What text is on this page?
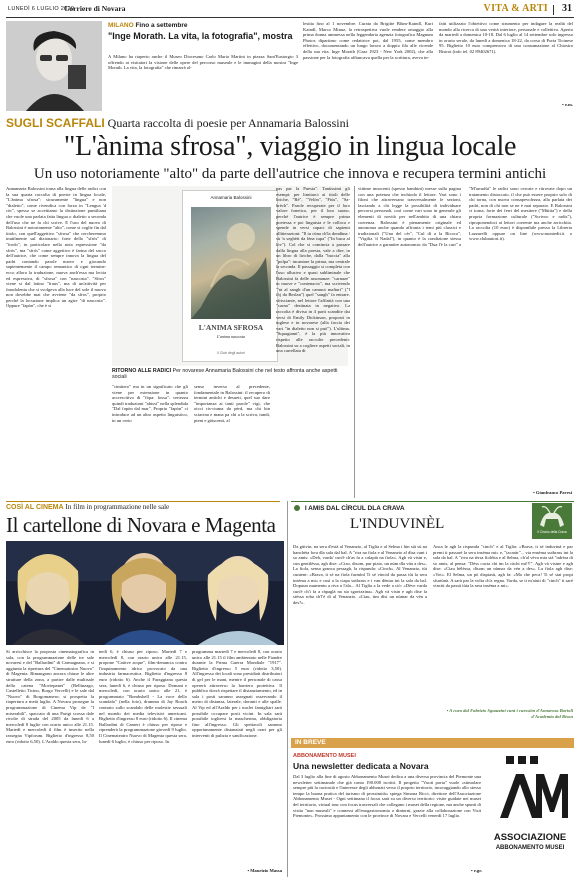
LUNEDÌ 6 LUGLIO 2020
Corriere di Novara	VITA & ARTI 31
MILANO Fino a settembre
"Inge Morath. La vita, la fotografia", mostra
A Milano ha riaperto anche il Museo Diocesano Carlo Maria Martini in piazza Sant'Eustorgio 3 offrendo ai visitatori la visione delle opere del percorso museale e le immagini della mostra "Inge Morath. La vita, la fotografia" che rimarrà al-
lestita fino al 1 novembre. Curata da Brigitte Blüm-Kaindl, Kurt Kaindl, Marco Minuz, la retrospettiva vuole rendere omaggio alla prima donna ammessa nella leggendaria agenzia fotografica Magnum Photos dipartimo come redattrice poi, dal 1955, come membro effettivo, documentando un lungo lavoro a doppio filo alle vicende della sua vita. Inge Morath (Graz 1923 - New York 2002), che alla passione per la fotografia affiancava quella per la scrittura, aveva in-
fatti utilizzato l'obiettivo come strumento per indagare la realtà del mondo alla ricerca di una verità interiore, personale e collettiva. Aperto da martedì a domenica 10-18. Dal 6 luglio al 14 settembre solo ingresso in orario serale, da lunedì a domenica 18-22, da corso di Porta Ticinese 95. Biglietto 10 euro comprensivo di una consumazione al Chiostro Bistrot (info tel. 02 89402671).
• e.m.
SUGLI SCAFFALI Quarta raccolta di poesie per Annamaria Balossini
"L'ànima sfrosa", viaggio in lingua locale
Un uso notoriamente "alto" da parte dell'autrice che innova e recupera termini antichi
Annamaria Balossini torna alla lingua delle radici con la sua quarta raccolta di poesie in lingua locale, "L'ànima sfrosa": sicuramente "lingua" e non "dialetto", come rivendica con forza in "Lengua 'd còr", spesso se accettiamo la distinzione puntiliana che vuole una parlata fatta lingua o dialetto a seconda dell'uso che ne fa chi scrive. E l'uso del nuovo di Balossini è notoriamente "alto", come si coglie fin dal titolo, con quell'aggettivo "sfrosa" che cercheremmo inutilmente sul dizionario: forte dello "sfrós" di "frodo", in particolare nella nota espressione "da sfrós", ma "sfrós" come aggettivo è farina del sacco dell'autrice, che come sempre innova la lingua del padri coniando parole nuove e giocando sapientemente il campo semantico di ogni termine: ecco allora la traduzione, nuova anch'essa ma lecita ed espressiva, di "sfrosa" con "nascosta". "Sfros" viene si dal latino "fraus", ma di un'attività per fraudolenta che si svolgeva alla luce del sole il nuovo non dovebbe mai che avviene "da sfros", proprio perché la locuzione implica un agire "di nascosto". Oppure "fapòn", che è si
Annamaria Balossini
L'ANIMA SFROSA
L'anima nascosta
Il Club degli autori
RITORNO ALLE RADICI Per novarese Annamaria Balossini che nel testo affronta anche aspetti sociali
"cimitero" ma in un significato che gli viene per estensione in quanto accrescitivo di "fòpa: fossa": certezza quindi traduzioni "abissi" nella splendida "Dal fapòn dal mar". Proprio "fapòn" ci introduce ad un altro aspetto linguistico, in un certo
senso inverso al precedente, fondamentale in Balossini: il recupero di termini antichi e desueti, quel suo dare "importanza ai tanti parole" vigi, che oicci ris-ciuma da pèrd, ma chi hin sciacina e mana pa chi a la scriva, tundi, pieni e giùscenti, al
pas par la Puesia". Tantissimi gli esempi: per limitarci ai titoli delle liriche, "Rè", "Velòn", "Fiùs", "Sa-brèch". Parole recuperate per il loro valore fonetico, per il loro suono, perché l'autrice è sempre prima poetessa e poi linguista e le colloca e spende in versi capaci di sapienti allitterazioni: "Il tu cùna ch'la dondùna / sù 'n seghètt da lèna tupa" ("In buca al lòv"). Col che si comincia a passare dalla lingua alla poesia, vale a dire, in un libro di liriche, dalla "buccia" alla "polpa": incantare la prima, ma centrale la seconda. Il passaggio si completa con l'uso allusivo e quasi subliminale che Balossini fa delle assonanze: "carnaze" in nuove e "contenacio", ma scrivendo "'nt al sangh d'un camuot malturi" ("I fòj da Beslan") quel "sangh" fa entrare, sfrisciante, nel lettore l'affinità con una "carna" destinata in negativo. La raccolta è divisa in 4 parti scandite dai versi di Emily Dickinson, proposti in inglese e in novarese (alla faccia dei vari "in dialetto non si può"). L'ultima, "Squagiamt", è la più innovativa rispetto alle raccolte precedenti: Balossini su a cogliere aspetti sociali, in una carrellata di
vittime innocenti (spesso bambini) messe sulla pagina con una potenza che inchioda il lettore. Vari sono i filoni che attraversano trasversalmente le sezioni, lasciando a chi legge la possibilità di individuare percorsi personali, così come vari sono in generale gli elementi di novità per nell'ambito di una chiara coerenza. Balossini è pienamente originale ed autonoma anche quando affronta i temi più classici e tradizionali ("Una del cèr", "Cul dì a la Bicoca", "Vigilia 'd Nadal"), in quanto è la condizione stessa dell'autrice a garantire autonomia: da "Dua l'è la curt" a "M'arrudùi" le radici sono cercate e ritrovate dopo un tratamento distaccato, il che può essere proprio solo di chi torna, con nuova consapevolezza, alla parlata dei padri, non di chi non se ne è mai separato. E Balossini ci torna, forte dei ferri del mestiere ("Mùtita") e della propria formazione culturale ("Scrivuc e radis"), riproponendoci ai lettori coerente ma anche arricchita. La raccolta (10 euro) è disponibile presso la Libreria Lazzarelli oppure on line (www.montedit.it o www.clubautori.it).
• Gianfranco Pavesi
COSÌ AL CINEMA In film in programmazione nelle sale
Il cartellone di Novara e Magenta
Si arricchisce la proposta cinematografica in sala, con la programmazione delle tre sale novaresi e del "Ballardini" di Carmagnano, e si aggiunta la ripertura del "Cinematostro Nuovo" di Magenta. Rimangono ancora chiuse le altre strutture della zona, a partire dalle multisale della catena "Moviepanet" (Bellinzago, Castelletto Ticino, Borgo Vercelli) e le sale dal "Nuovo" di Borgomanero; si prospetta la riapertura a metà luglio. A Novara prosegue la programmazione di Cinema Vip de "I miserabili", spaccato di una Parigi scossa dale rivolte di strada del 2005 da lunedì 6 a mercoledì 8 luglio con orario unico alle 21.15. Martedì e mercoledì il film è inserito nella rassegna Vipforum. Biglietto d'ingresso 8,50 euro (ridotto 6,50). L'Araldo questa sera, lu-
nedì 6, è chiuso per riposo. Martedì 7 e mercoledì 8, con orario unico alle 21.15, propone "Cattive acque", film-denuncia contro l'inquinamento idrico provocato da una industria farmaceutica. Biglietto d'ingresso 8 euro (ridotto 6). Anche il Faraggiana questa sera, lunedì 6, è chiuso per riposo. Domani e mercoledì, con orario unico alle 21, è programmato "Bombshell - La voce dello scandalo" (nella foto), dramma di Jay Roach centrato sullo scandalo delle molestie sessuali nel mondo dei media televisivi americani. Biglietto d'ingresso 8 euro (ridotto 6). Il cinema Ballardini di Cameri è chiuso per riposo e riprenderà la programmazione giovedì 9 luglio. Il Cinemateatro Nuovo di Magenta questa sera, lunedì 6 luglio, è chiuso per riposo. In
programma martedì 7 e mercoledì 8, con orario unico alle 21.15 il film ambientato nelle Fiandre durante la Prima Guerra Mondiale "1917". Biglietto d'ingresso 5 euro (ridotto 3,50). All'ingresso dei locali sono presidiati distributori di gel per le mani, mentre il personale di cassa opererà attraverso la barriera protettiva. Il pubblico dovrà rispettare il distanziamento, ed in sala i posti saranno assegnati osservando il metro di distanza, laterale, davanti e alle spalle. Al Vip ed all'Araldo per i nuclei famigliari sarà possibile occupare posti vicini. In sala sarà possibile togliersi la mascherina, obbligatoria fino all'ingresso. Gli spettacoli saranno opportunamente distanziati negli orari per gli interventi di pulizia e sanificazione.
• Maurizio Massa
I AMIS DAL CÌRCUL DLA CRAVA
L'INDUVINÈL	Il Circolo della Crava
Da güivin, na sera d'està al Venanzio, al Tiglia e al Selma i hin stà sü na banchèta fora dla sala dal bal. A "rira na fiola e al Venanzio al dìsa cunt i so amis: «Deh, varda' cun'è ch'as fa a calapià na fiola». Agh và visin e, cun gentilèssa, agh dise: «Ciao, disom, pur piaio, un núm dla vita a des». La fiola, sensa granca pessagh, la rispunda: «Cinch». Al Venanzio, tùt cuntent: «Brava, ti sé na fiola furmìnl Ti sé vincid da passa tùt la sera insèma a mi» e cusì a la ciapa sutbrass e i van dèntar int la sala da bal. Dopuun mumentu a riva a l'ala... Al Tiglia a la vede a ciò: «Dève varda cun'è ch'i fa a ràpaglà na sta sgavizzina». Agh và visin e agh dise la stèssa roba ch'l'è di al Venanzio. «Ciau, tim dìsi un nùmar da vén a des?».
Anca le agh la rispunda "cinch" e al Tiglia: «Brava, ti sé induvinà e par premi ti passarè la sera inséma mi» e, "tacaràr"... via ensèma sutbrass int la sala da bal. A "riva na tèrsa fiolétta e al Selma, ch'al vèva mia stà "ndrèra di so amis, al pensa: "Dèss cucta chi im la càchi mi!!!". Agh và visine e agh dise: «Ciau bèlèssa, dìsom un nùmar da vén a des». La fiola agh dise: «Vot». El Selma, un pò dispiasù, agh fa: «Ma che peca! Ti sé stai propi sfurtùnà. A sarà par la volta ch'a regna. Varda, se ti m'aiuti di "cinch" ti sarè vinciù da passà tùta la sera inséma a mi».
• A cura dal Fabrizio Sguazzini cunt i cuessión d'Annarosa Borioli d'Academia dal Rison
IN BREVE
ABBONAMENTO MUSEI
Una newsletter dedicata a Novara
Dal 3 luglio alla fine di agosto Abbonamento Musei dedica a una diversa provincia del Piemonte una newsletter settimanale che già conta 190.000 iscritti. Il progetto "Vuoti porta" vuole «stimolare sempre più la curiosità e l'interesse degli abbonati verso il proprio territorio, incoraggiando allo stesso tempo la buona pratica del turismo di prossimità» spiega Simona Ricci, direttore dell'Associazione Abbonamento Musei - Ogni settimana il focus sarà su un diverso territorio: visite guidate nei musei del territorio, virtual tour con focus trasversali che collegano i musei della regione, ma anche spunti di visita "non museali" e connessi all'enogastronomia o dintorni, grazie alla collaborazione con Visit Piemonte». Prossimo appuntamento con le province di Novara e Vercelli venerdì 17 luglio.
• e.gr.
ASSOCIAZIONE
ABBONAMENTO MUSEI
